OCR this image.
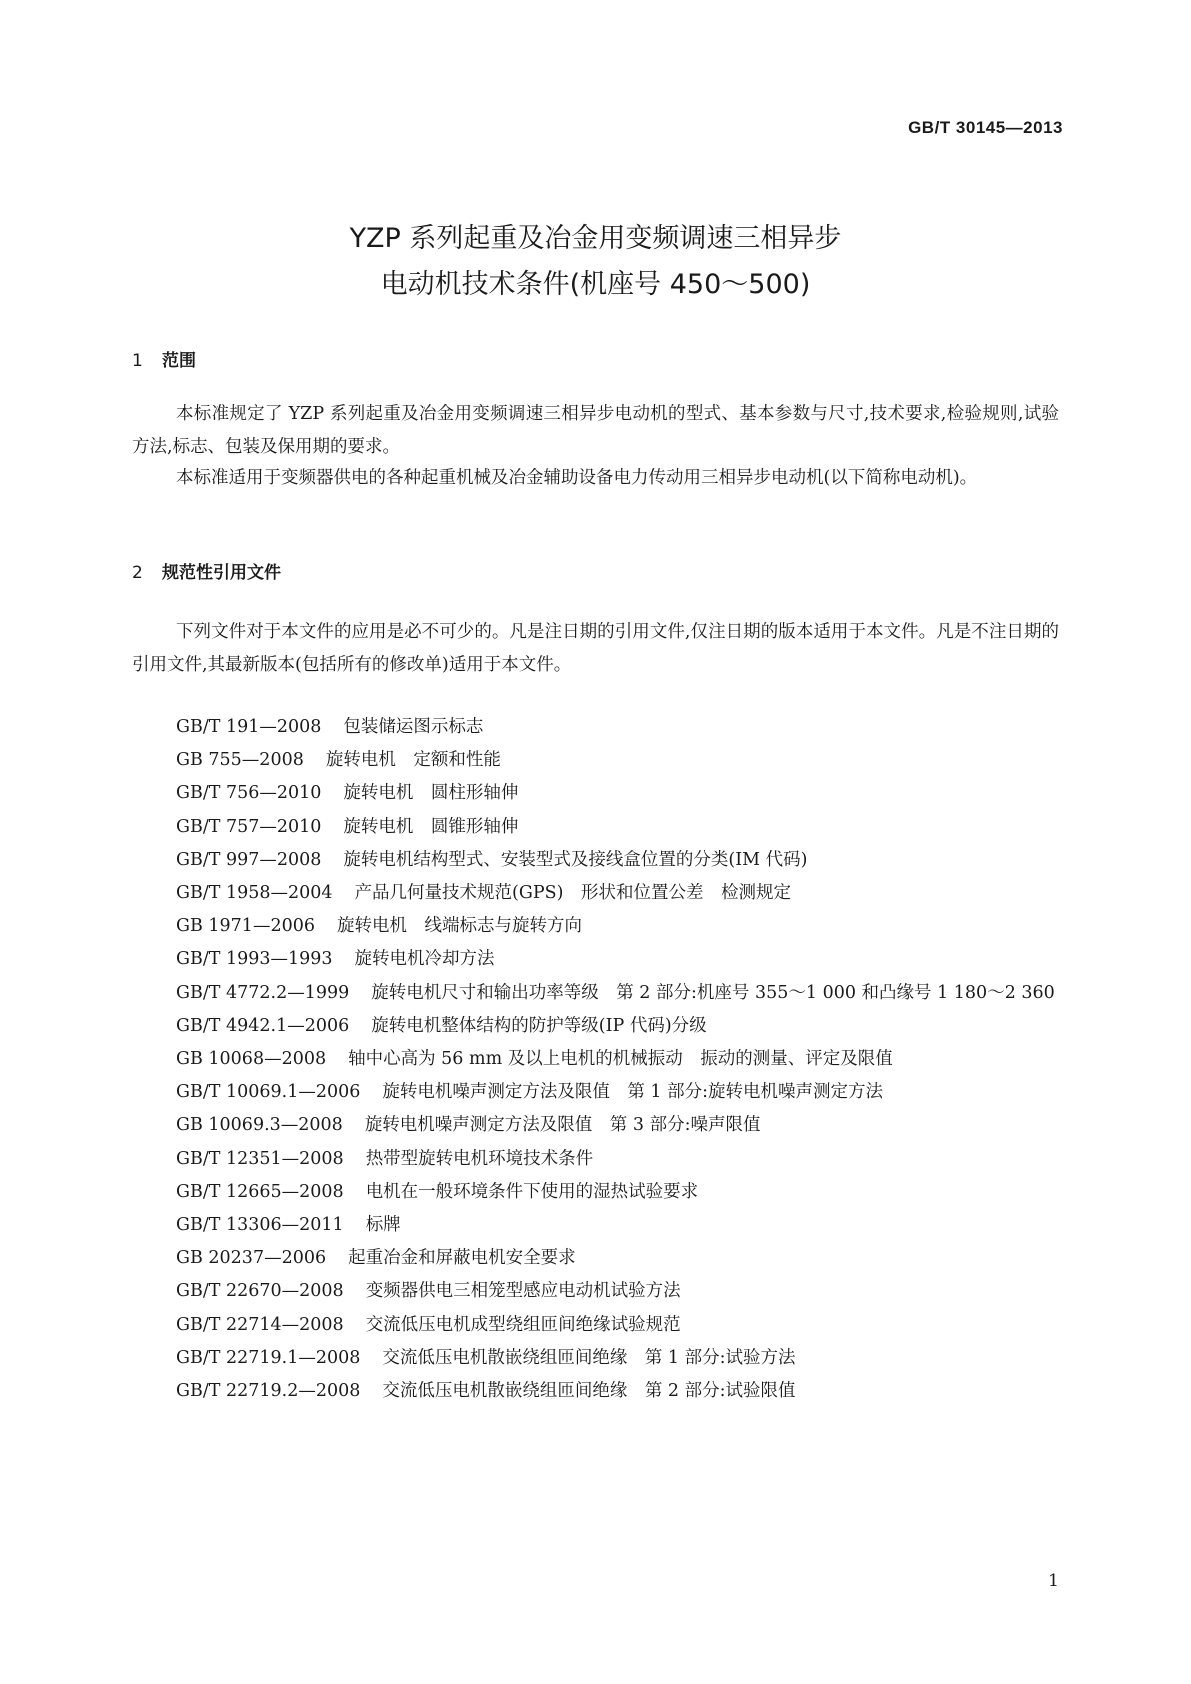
GB/T 30145—2013
YZP 系列起重及冶金用变频调速三相异步
电动机技术条件(机座号 450～500)
1 范围

本标准规定了 YZP 系列起重及冶金用变频调速三相异步电动机的型式、基本参数与尺寸,技术要求,检验规则,试验方法,标志、包装及保用期的要求。

本标准适用于变频器供电的各种起重机械及冶金辅助设备电力传动用三相异步电动机(以下简称电动机)。

2 规范性引用文件

下列文件对于本文件的应用是必不可少的。凡是注日期的引用文件,仅注日期的版本适用于本文件。凡是不注日期的引用文件,其最新版本(包括所有的修改单)适用于本文件。

GB/T 191—2008 包装储运图示标志
GB 755—2008 旋转电机　定额和性能
GB/T 756—2010 旋转电机　圆柱形轴伸
GB/T 757—2010 旋转电机　圆锥形轴伸
GB/T 997—2008 旋转电机结构型式、安装型式及接线盒位置的分类(IM 代码)
GB/T 1958—2004 产品几何量技术规范(GPS)　形状和位置公差　检测规定
GB 1971—2006 旋转电机　线端标志与旋转方向
GB/T 1993—1993 旋转电机冷却方法
GB/T 4772.2—1999 旋转电机尺寸和输出功率等级　第 2 部分:机座号 355～1 000 和凸缘号 1 180～2 360
GB/T 4942.1—2006 旋转电机整体结构的防护等级(IP 代码)分级
GB 10068—2008 轴中心高为 56 mm 及以上电机的机械振动　振动的测量、评定及限值
GB/T 10069.1—2006 旋转电机噪声测定方法及限值　第 1 部分:旋转电机噪声测定方法
GB 10069.3—2008 旋转电机噪声测定方法及限值　第 3 部分:噪声限值
GB/T 12351—2008 热带型旋转电机环境技术条件
GB/T 12665—2008 电机在一般环境条件下使用的湿热试验要求
GB/T 13306—2011 标牌
GB 20237—2006 起重冶金和屏蔽电机安全要求
GB/T 22670—2008 变频器供电三相笼型感应电动机试验方法
GB/T 22714—2008 交流低压电机成型绕组匝间绝缘试验规范
GB/T 22719.1—2008 交流低压电机散嵌绕组匝间绝缘　第 1 部分:试验方法
GB/T 22719.2—2008 交流低压电机散嵌绕组匝间绝缘　第 2 部分:试验限值
1
